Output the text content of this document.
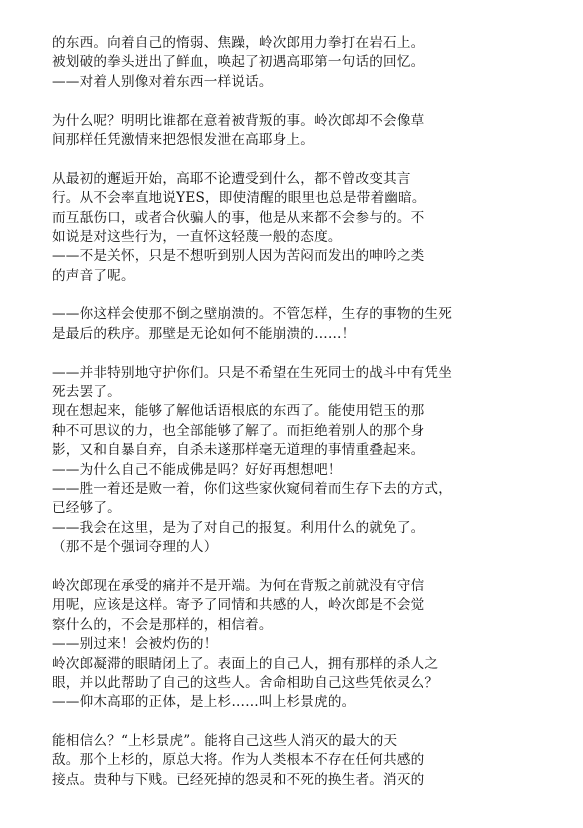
的东西。向着自己的惰弱、焦躁，岭次郎用力拳打在岩石上。
被划破的拳头迸出了鲜血，唤起了初遇高耶第一句话的回忆。
——对着人别像对着东西一样说话。
为什么呢？明明比谁都在意着被背叛的事。岭次郎却不会像草
间那样任凭激情来把怨恨发泄在高耶身上。
从最初的邂逅开始，高耶不论遭受到什么，都不曾改变其言
行。从不会率直地说YES，即使清醒的眼里也总是带着幽暗。
而互舐伤口，或者合伙骗人的事，他是从来都不会参与的。不
如说是对这些行为，一直怀这轻蔑一般的态度。
——不是关怀，只是不想听到别人因为苦闷而发出的呻吟之类
的声音了呢。
——你这样会使那不倒之壁崩溃的。不管怎样，生存的事物的生死
是最后的秩序。那壁是无论如何不能崩溃的……！
——并非特别地守护你们。只是不希望在生死同士的战斗中有凭坐
死去罢了。
现在想起来，能够了解他话语根底的东西了。能使用铠玉的那
种不可思议的力，也全部能够了解了。而拒绝着别人的那个身
影，又和自暴自弃，自杀未遂那样毫无道理的事情重叠起来。
——为什么自己不能成佛是吗？好好再想想吧！
——胜一着还是败一着，你们这些家伙窥伺着而生存下去的方式，
已经够了。
——我会在这里，是为了对自己的报复。利用什么的就免了。
（那不是个强词夺理的人）
岭次郎现在承受的痛并不是开端。为何在背叛之前就没有守信
用呢，应该是这样。寄予了同情和共感的人，岭次郎是不会觉
察什么的，不会是那样的，相信着。
——别过来！会被灼伤的！
岭次郎凝滞的眼睛闭上了。表面上的自己人，拥有那样的杀人之
眼，并以此帮助了自己的这些人。舍命相助自己这些凭依灵么？
——仰木高耶的正体，是上杉……叫上杉景虎的。
能相信么？“上杉景虎”。能将自己这些人消灭的最大的天
敌。那个上杉的，原总大将。作为人类根本不存在任何共感的
接点。贵种与下贱。已经死掉的怨灵和不死的换生者。消灭的
